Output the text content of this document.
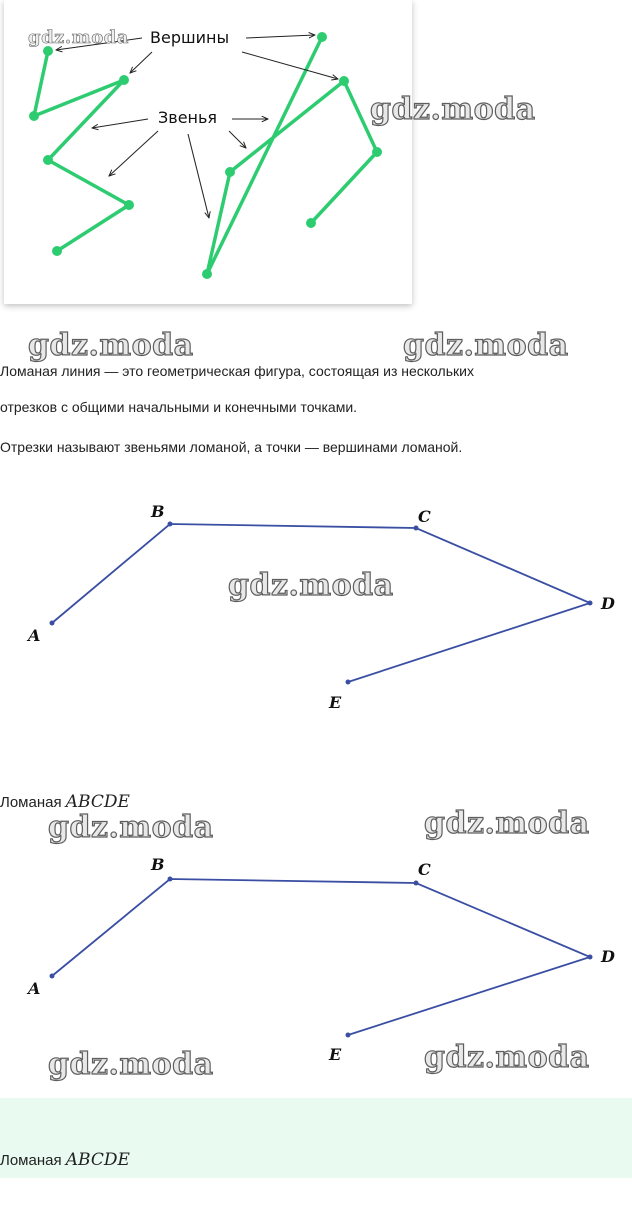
Вершины
Звенья
gdz.moda
gdz.moda
gdz.moda	gdz.moda
Ломаная линия — это геометрическая фигура, состоящая из нескольких
отрезков с общими начальными и конечными точками.
Отрезки называют звеньями ломаной, а точки — вершинами ломаной.
A
B	C
D
E
gdz.moda
Ломаная ABCDE
A
B	C
D
E
gdz.moda	gdz.moda
gdz.moda	gdz.moda
Ломаная ABCDE
